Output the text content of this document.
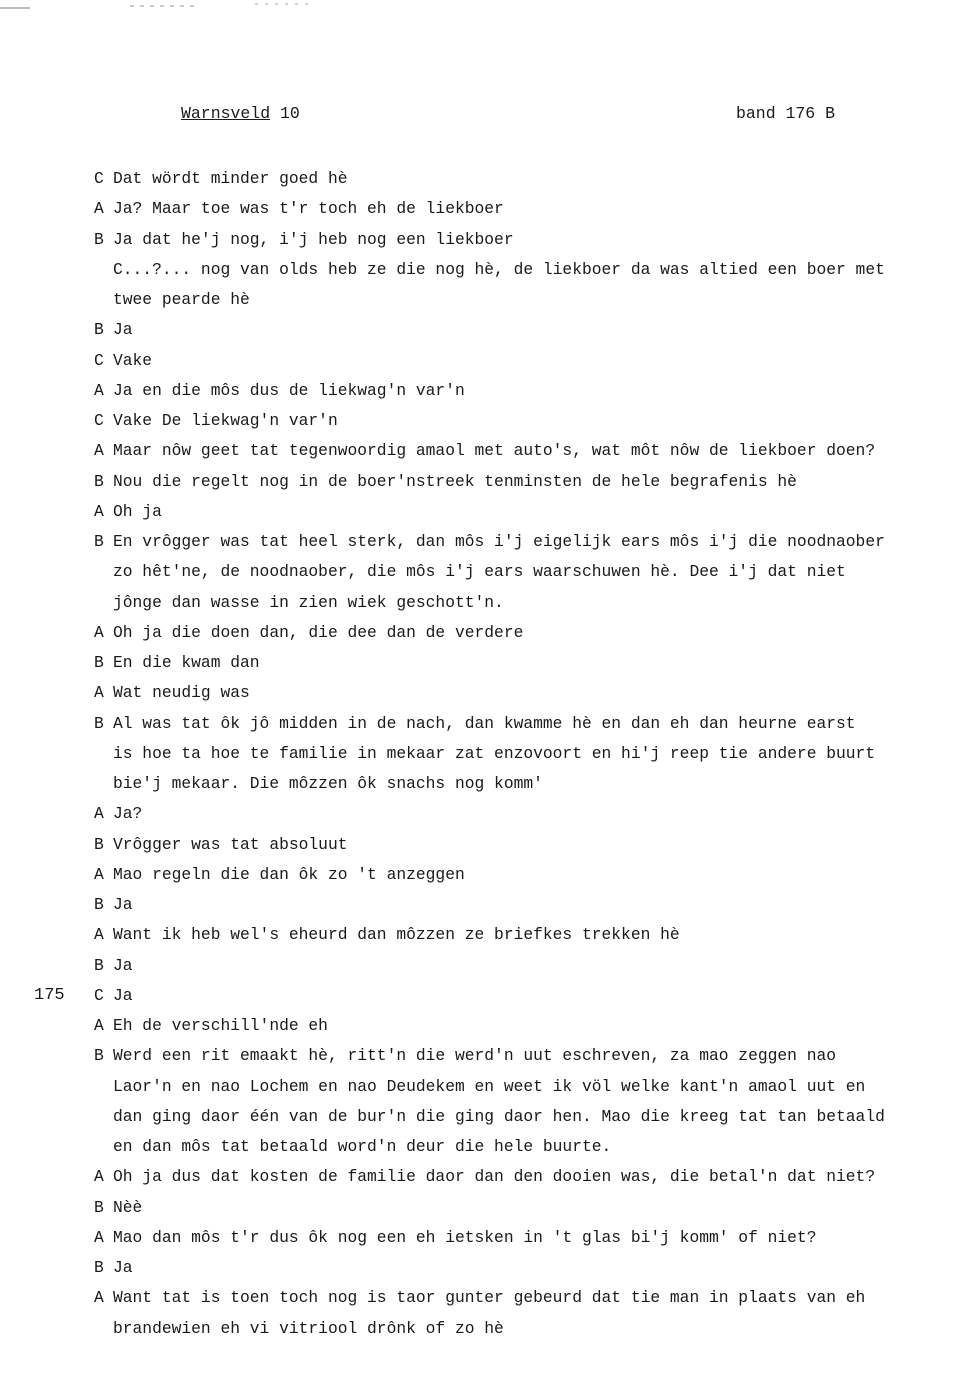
Warnsveld 10	band 176 B
175
C Dat wördt minder goed hè
A Ja? Maar toe was t'r toch eh de liekboer
B Ja dat he'j nog, i'j heb nog een liekboer
C...?... nog van olds heb ze die nog hè, de liekboer da was altied een boer met
twee pearde hè
B Ja
C Vake
A Ja en die môs dus de liekwag'n var'n
C Vake De liekwag'n var'n
A Maar nôw geet tat tegenwoordig amaol met auto's, wat môt nôw de liekboer doen?
B Nou die regelt nog in de boer'nstreek tenminsten de hele begrafenis hè
A Oh ja
B En vrôgger was tat heel sterk, dan môs i'j eigelijk ears môs i'j die noodnaober
zo hêt'ne, de noodnaober, die môs i'j ears waarschuwen hè. Dee i'j dat niet
jônge dan wasse in zien wiek geschott'n.
A Oh ja die doen dan, die dee dan de verdere
B En die kwam dan
A Wat neudig was
B Al was tat ôk jô midden in de nach, dan kwamme hè en dan eh dan heurne earst
is hoe ta hoe te familie in mekaar zat enzovoort en hi'j reep tie andere buurt
bie'j mekaar. Die môzzen ôk snachs nog komm'
A Ja?
B Vrôgger was tat absoluut
A Mao regeln die dan ôk zo 't anzeggen
B Ja
A Want ik heb wel's eheurd dan môzzen ze briefkes trekken hè
B Ja
C Ja
A Eh de verschill'nde eh
B Werd een rit emaakt hè, ritt'n die werd'n uut eschreven, za mao zeggen nao
Laor'n en nao Lochem en nao Deudekem en weet ik völ welke kant'n amaol uut en
dan ging daor één van de bur'n die ging daor hen. Mao die kreeg tat tan betaald
en dan môs tat betaald word'n deur die hele buurte.
A Oh ja dus dat kosten de familie daor dan den dooien was, die betal'n dat niet?
B Nèè
A Mao dan môs t'r dus ôk nog een eh ietsken in 't glas bi'j komm' of niet?
B Ja
A Want tat is toen toch nog is taor gunter gebeurd dat tie man in plaats van eh
brandewien eh vi vitriool drônk of zo hè
